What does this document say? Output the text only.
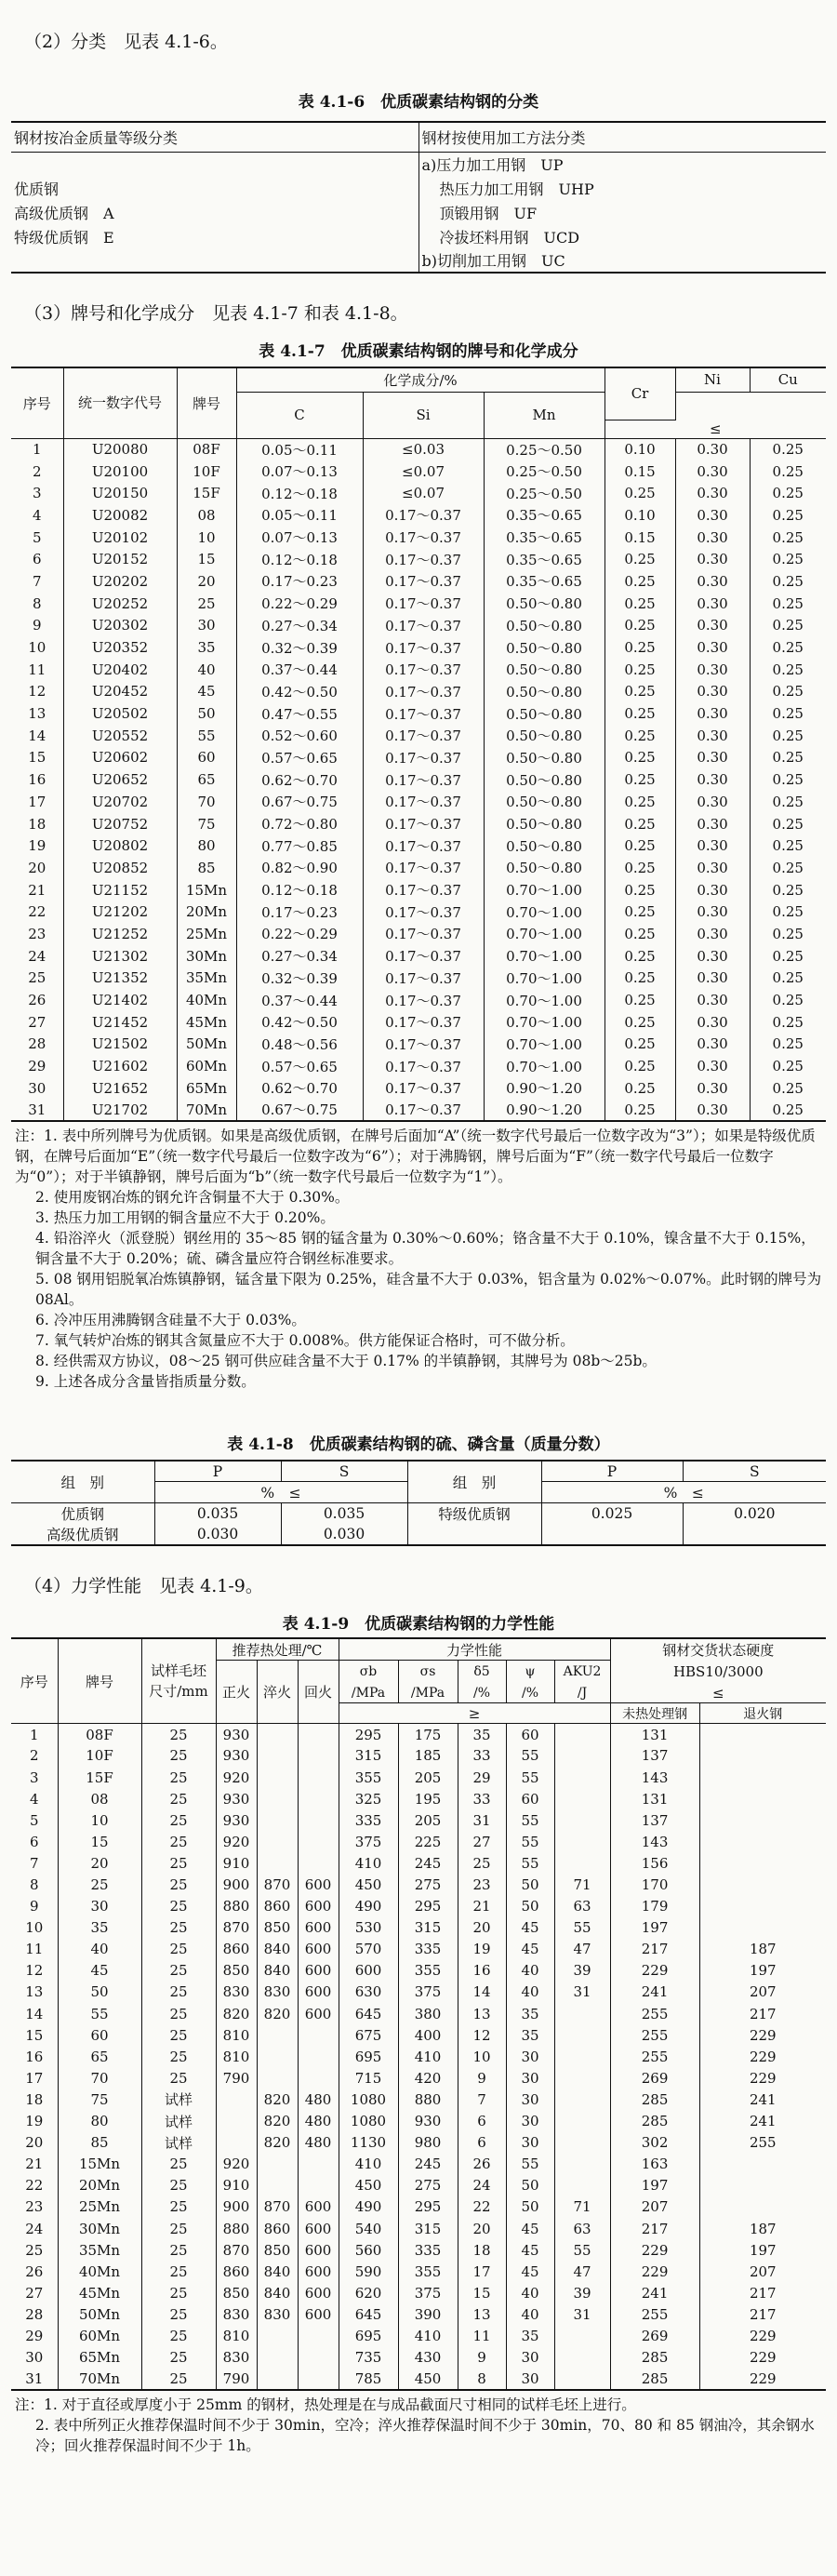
（2）分类　见表 4.1-6。

表 4.1-6　优质碳素结构钢的分类

钢材按冶金质量等级分类	钢材按使用加工方法分类
	a)压力加工用钢　UP
优质钢	热压力加工用钢　UHP
高级优质钢　A	顶锻用钢　UF
特级优质钢　E	冷拔坯料用钢　UCD
	b)切削加工用钢　UC

（3）牌号和化学成分　见表 4.1-7 和表 4.1-8。

表 4.1-7　优质碳素结构钢的牌号和化学成分

序号	统一数字代号	牌号	化学成分/%			Cr	Ni	Cu
			C	Si	Mn			
						≤		
1	U20080	08F	0.05～0.11	≤0.03	0.25～0.50	0.10	0.30	0.25
2	U20100	10F	0.07～0.13	≤0.07	0.25～0.50	0.15	0.30	0.25
3	U20150	15F	0.12～0.18	≤0.07	0.25～0.50	0.25	0.30	0.25
4	U20082	08	0.05～0.11	0.17～0.37	0.35～0.65	0.10	0.30	0.25
5	U20102	10	0.07～0.13	0.17～0.37	0.35～0.65	0.15	0.30	0.25
6	U20152	15	0.12～0.18	0.17～0.37	0.35～0.65	0.25	0.30	0.25
7	U20202	20	0.17～0.23	0.17～0.37	0.35～0.65	0.25	0.30	0.25
8	U20252	25	0.22～0.29	0.17～0.37	0.50～0.80	0.25	0.30	0.25
9	U20302	30	0.27～0.34	0.17～0.37	0.50～0.80	0.25	0.30	0.25
10	U20352	35	0.32～0.39	0.17～0.37	0.50～0.80	0.25	0.30	0.25
11	U20402	40	0.37～0.44	0.17～0.37	0.50～0.80	0.25	0.30	0.25
12	U20452	45	0.42～0.50	0.17～0.37	0.50～0.80	0.25	0.30	0.25
13	U20502	50	0.47～0.55	0.17～0.37	0.50～0.80	0.25	0.30	0.25
14	U20552	55	0.52～0.60	0.17～0.37	0.50～0.80	0.25	0.30	0.25
15	U20602	60	0.57～0.65	0.17～0.37	0.50～0.80	0.25	0.30	0.25
16	U20652	65	0.62～0.70	0.17～0.37	0.50～0.80	0.25	0.30	0.25
17	U20702	70	0.67～0.75	0.17～0.37	0.50～0.80	0.25	0.30	0.25
18	U20752	75	0.72～0.80	0.17～0.37	0.50～0.80	0.25	0.30	0.25
19	U20802	80	0.77～0.85	0.17～0.37	0.50～0.80	0.25	0.30	0.25
20	U20852	85	0.82～0.90	0.17～0.37	0.50～0.80	0.25	0.30	0.25
21	U21152	15Mn	0.12～0.18	0.17～0.37	0.70～1.00	0.25	0.30	0.25
22	U21202	20Mn	0.17～0.23	0.17～0.37	0.70～1.00	0.25	0.30	0.25
23	U21252	25Mn	0.22～0.29	0.17～0.37	0.70～1.00	0.25	0.30	0.25
24	U21302	30Mn	0.27～0.34	0.17～0.37	0.70～1.00	0.25	0.30	0.25
25	U21352	35Mn	0.32～0.39	0.17～0.37	0.70～1.00	0.25	0.30	0.25
26	U21402	40Mn	0.37～0.44	0.17～0.37	0.70～1.00	0.25	0.30	0.25
27	U21452	45Mn	0.42～0.50	0.17～0.37	0.70～1.00	0.25	0.30	0.25
28	U21502	50Mn	0.48～0.56	0.17～0.37	0.70～1.00	0.25	0.30	0.25
29	U21602	60Mn	0.57～0.65	0.17～0.37	0.70～1.00	0.25	0.30	0.25
30	U21652	65Mn	0.62～0.70	0.17～0.37	0.90～1.20	0.25	0.30	0.25
31	U21702	70Mn	0.67～0.75	0.17～0.37	0.90～1.20	0.25	0.30	0.25

注：1. 表中所列牌号为优质钢。如果是高级优质钢，在牌号后面加“A”（统一数字代号最后一位数字改为“3”）；如果是特级优质钢，在牌号后面加“E”（统一数字代号最后一位数字改为“6”）；对于沸腾钢，牌号后面为“F”（统一数字代号最后一位数字为“0”）；对于半镇静钢，牌号后面为“b”（统一数字代号最后一位数字为“1”）。

2. 使用废钢冶炼的钢允许含铜量不大于 0.30%。

3. 热压力加工用钢的铜含量应不大于 0.20%。

4. 铅浴淬火（派登脱）钢丝用的 35～85 钢的锰含量为 0.30%～0.60%；铬含量不大于 0.10%，镍含量不大于 0.15%，铜含量不大于 0.20%；硫、磷含量应符合钢丝标准要求。

5. 08 钢用铝脱氧冶炼镇静钢，锰含量下限为 0.25%，硅含量不大于 0.03%，铝含量为 0.02%～0.07%。此时钢的牌号为 08Al。

6. 冷冲压用沸腾钢含硅量不大于 0.03%。

7. 氧气转炉冶炼的钢其含氮量应不大于 0.008%。供方能保证合格时，可不做分析。

8. 经供需双方协议，08～25 钢可供应硅含量不大于 0.17% 的半镇静钢，其牌号为 08b～25b。

9. 上述各成分含量皆指质量分数。

表 4.1-8　优质碳素结构钢的硫、磷含量（质量分数）

组　别	P	S	组　别	P	S
	%　≤			%　≤	
优质钢	0.035	0.035	特级优质钢	0.025	0.020
高级优质钢	0.030	0.030			

（4）力学性能　见表 4.1-9。

表 4.1-9　优质碳素结构钢的力学性能

序号	牌号	试样毛坯尺寸/mm	推荐热处理/℃			力学性能					钢材交货状态硬度	
			正火	淬火	回火	σb	σs	δ5	ψ	AKU2	HBS10/3000	
						/MPa	/MPa	/%	/%	/J	≤	
						≥					未热处理钢	退火钢
1	08F	25	930			295	175	35	60		131	
2	10F	25	930			315	185	33	55		137	
3	15F	25	920			355	205	29	55		143	
4	08	25	930			325	195	33	60		131	
5	10	25	930			335	205	31	55		137	
6	15	25	920			375	225	27	55		143	
7	20	25	910			410	245	25	55		156	
8	25	25	900	870	600	450	275	23	50	71	170	
9	30	25	880	860	600	490	295	21	50	63	179	
10	35	25	870	850	600	530	315	20	45	55	197	
11	40	25	860	840	600	570	335	19	45	47	217	187
12	45	25	850	840	600	600	355	16	40	39	229	197
13	50	25	830	830	600	630	375	14	40	31	241	207
14	55	25	820	820	600	645	380	13	35		255	217
15	60	25	810			675	400	12	35		255	229
16	65	25	810			695	410	10	30		255	229
17	70	25	790			715	420	9	30		269	229
18	75	试样		820	480	1080	880	7	30		285	241
19	80	试样		820	480	1080	930	6	30		285	241
20	85	试样		820	480	1130	980	6	30		302	255
21	15Mn	25	920			410	245	26	55		163	
22	20Mn	25	910			450	275	24	50		197	
23	25Mn	25	900	870	600	490	295	22	50	71	207	
24	30Mn	25	880	860	600	540	315	20	45	63	217	187
25	35Mn	25	870	850	600	560	335	18	45	55	229	197
26	40Mn	25	860	840	600	590	355	17	45	47	229	207
27	45Mn	25	850	840	600	620	375	15	40	39	241	217
28	50Mn	25	830	830	600	645	390	13	40	31	255	217
29	60Mn	25	810			695	410	11	35		269	229
30	65Mn	25	830			735	430	9	30		285	229
31	70Mn	25	790			785	450	8	30		285	229

注：1. 对于直径或厚度小于 25mm 的钢材，热处理是在与成品截面尺寸相同的试样毛坯上进行。

2. 表中所列正火推荐保温时间不少于 30min，空冷；淬火推荐保温时间不少于 30min，70、80 和 85 钢油冷，其余钢水冷；回火推荐保温时间不少于 1h。
